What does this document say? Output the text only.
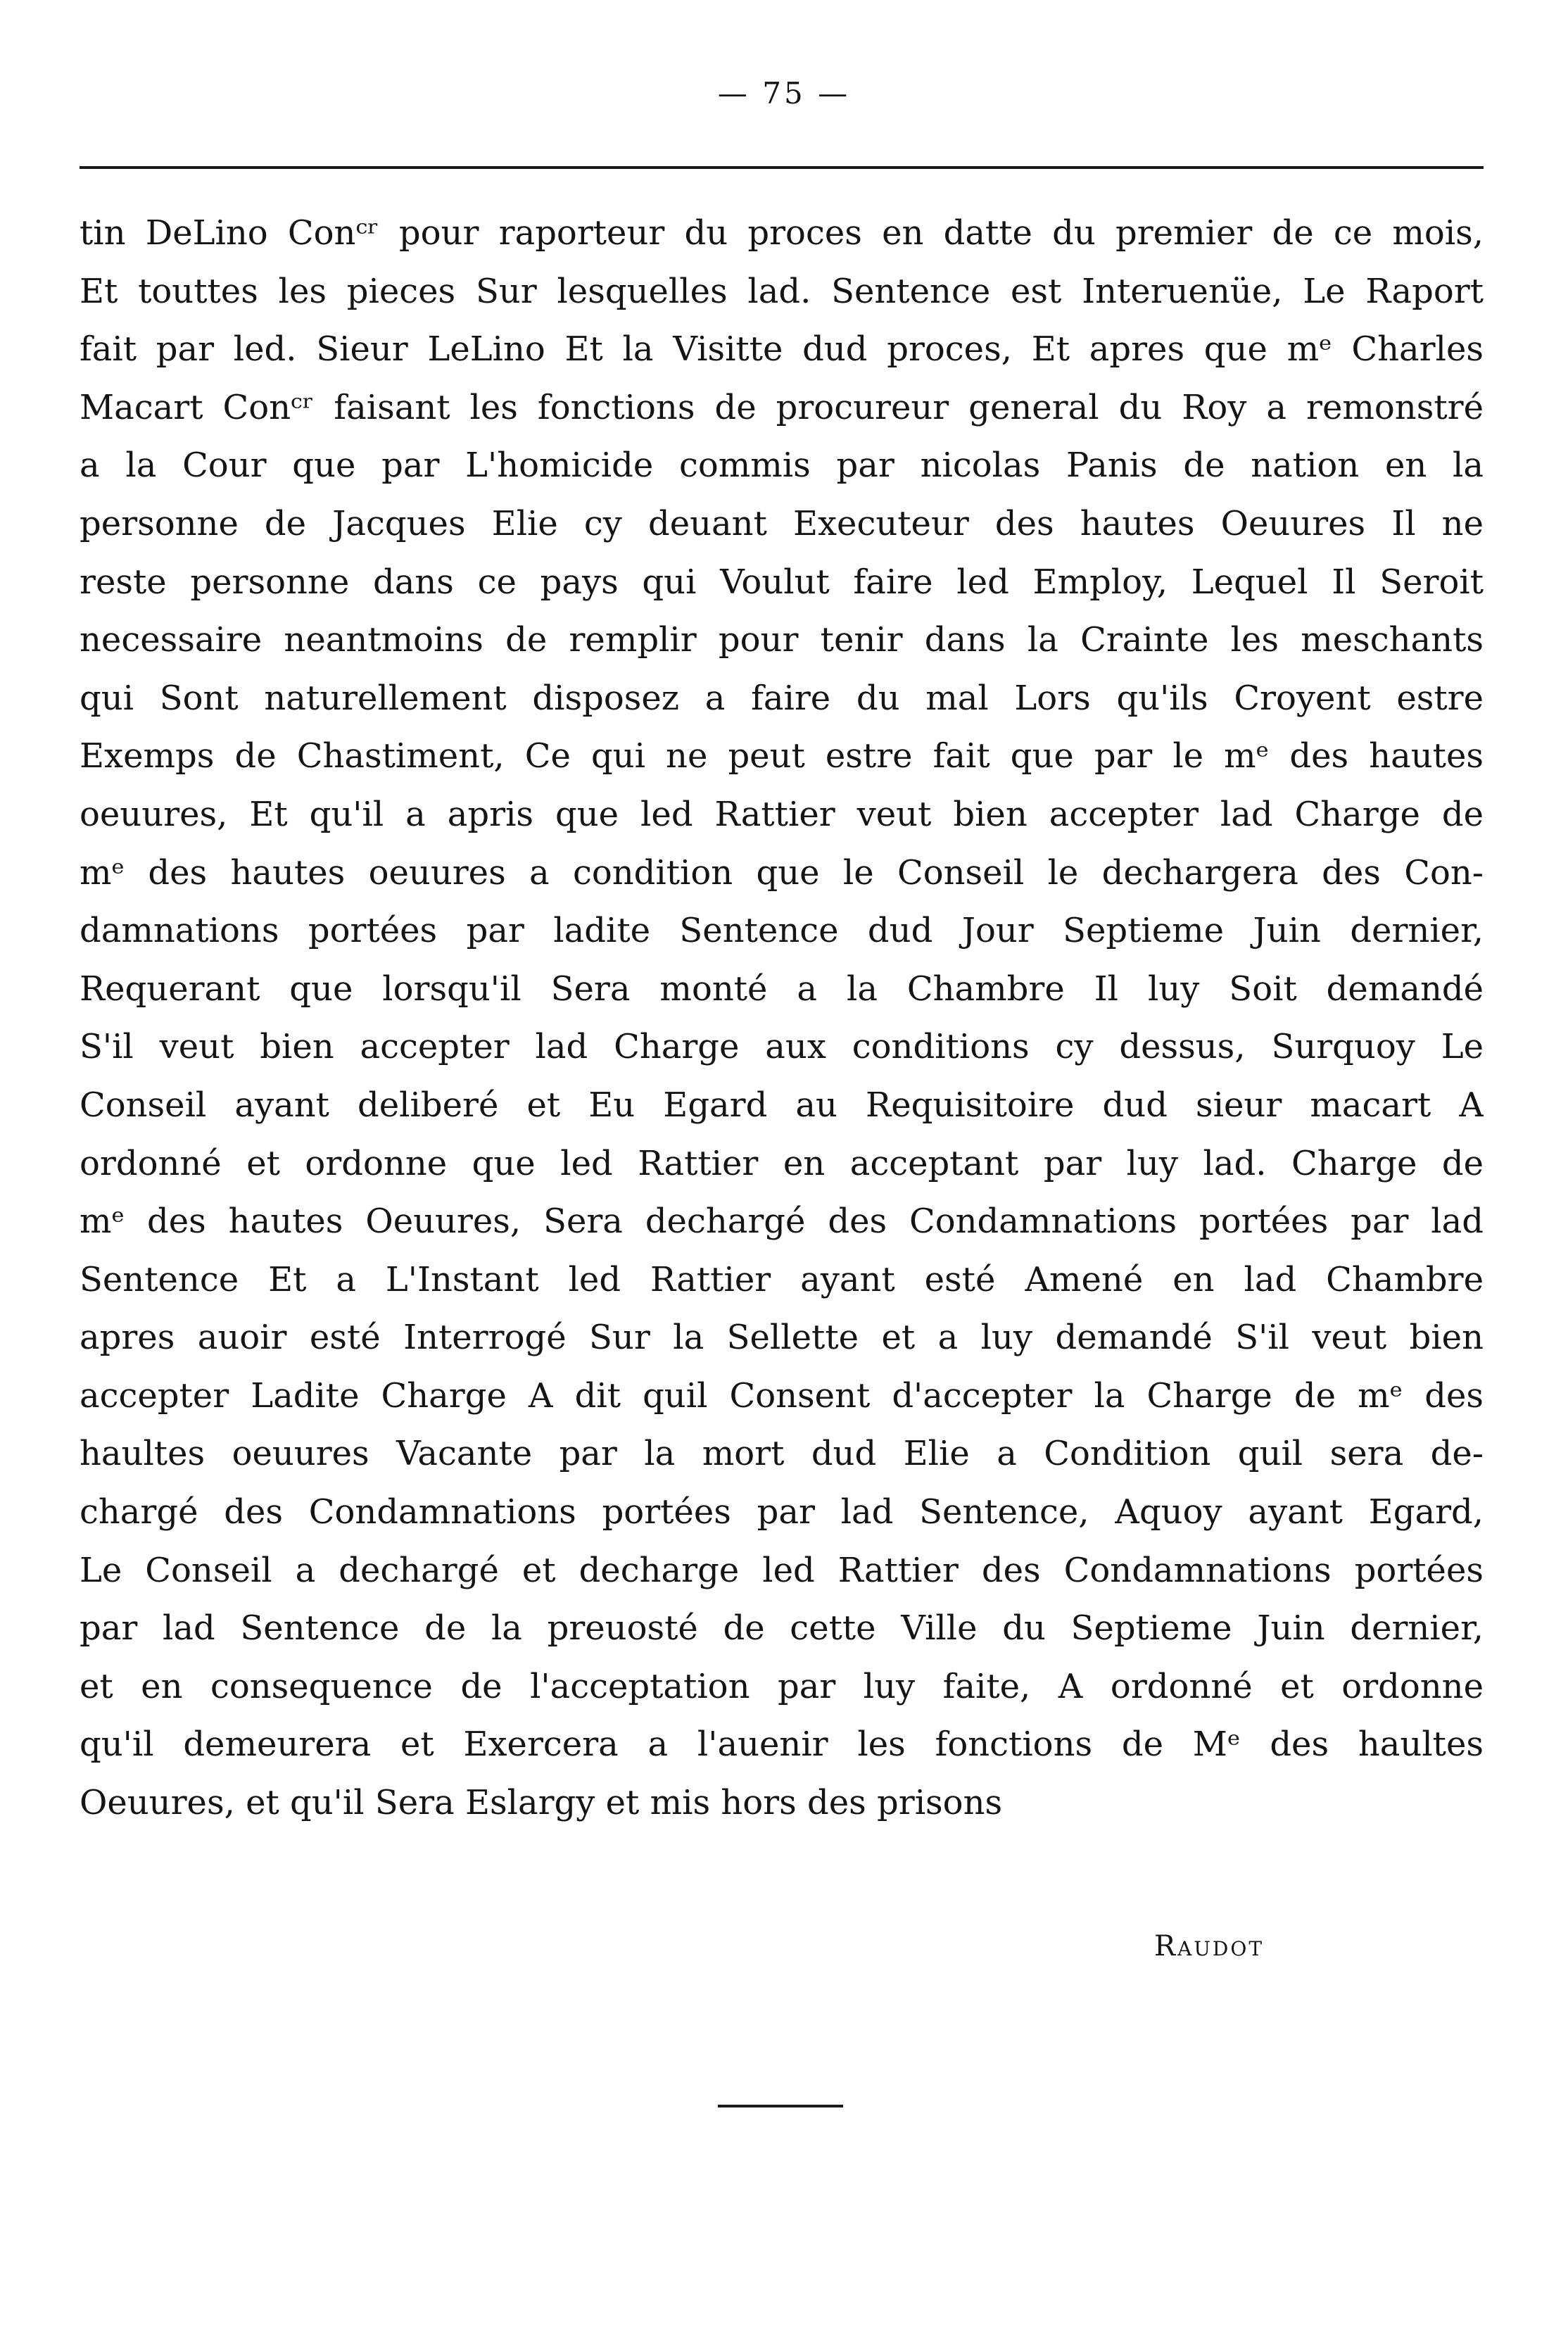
— 75 —
tin DeLino Conᶜʳ pour raporteur du proces en datte du premier de ce mois,
Et touttes les pieces Sur lesquelles lad. Sentence est Interuenüe, Le Raport
fait par led. Sieur LeLino Et la Visitte dud proces, Et apres que mᵉ Charles
Macart Conᶜʳ faisant les fonctions de procureur general du Roy a remonstré
a la Cour que par L'homicide commis par nicolas Panis de nation en la
personne de Jacques Elie cy deuant Executeur des hautes Oeuures Il ne
reste personne dans ce pays qui Voulut faire led Employ, Lequel Il Seroit
necessaire neantmoins de remplir pour tenir dans la Crainte les meschants
qui Sont naturellement disposez a faire du mal Lors qu'ils Croyent estre
Exemps de Chastiment, Ce qui ne peut estre fait que par le mᵉ des hautes
oeuures, Et qu'il a apris que led Rattier veut bien accepter lad Charge de
mᵉ des hautes oeuures a condition que le Conseil le dechargera des Con-
damnations portées par ladite Sentence dud Jour Septieme Juin dernier,
Requerant que lorsqu'il Sera monté a la Chambre Il luy Soit demandé
S'il veut bien accepter lad Charge aux conditions cy dessus, Surquoy Le
Conseil ayant deliberé et Eu Egard au Requisitoire dud sieur macart A
ordonné et ordonne que led Rattier en acceptant par luy lad. Charge de
mᵉ des hautes Oeuures, Sera dechargé des Condamnations portées par lad
Sentence Et a L'Instant led Rattier ayant esté Amené en lad Chambre
apres auoir esté Interrogé Sur la Sellette et a luy demandé S'il veut bien
accepter Ladite Charge A dit quil Consent d'accepter la Charge de mᵉ des
haultes oeuures Vacante par la mort dud Elie a Condition quil sera de-
chargé des Condamnations portées par lad Sentence, Aquoy ayant Egard,
Le Conseil a dechargé et decharge led Rattier des Condamnations portées
par lad Sentence de la preuosté de cette Ville du Septieme Juin dernier,
et en consequence de l'acceptation par luy faite, A ordonné et ordonne
qu'il demeurera et Exercera a l'auenir les fonctions de Mᵉ des haultes
Oeuures, et qu'il Sera Eslargy et mis hors des prisons
Raudot
